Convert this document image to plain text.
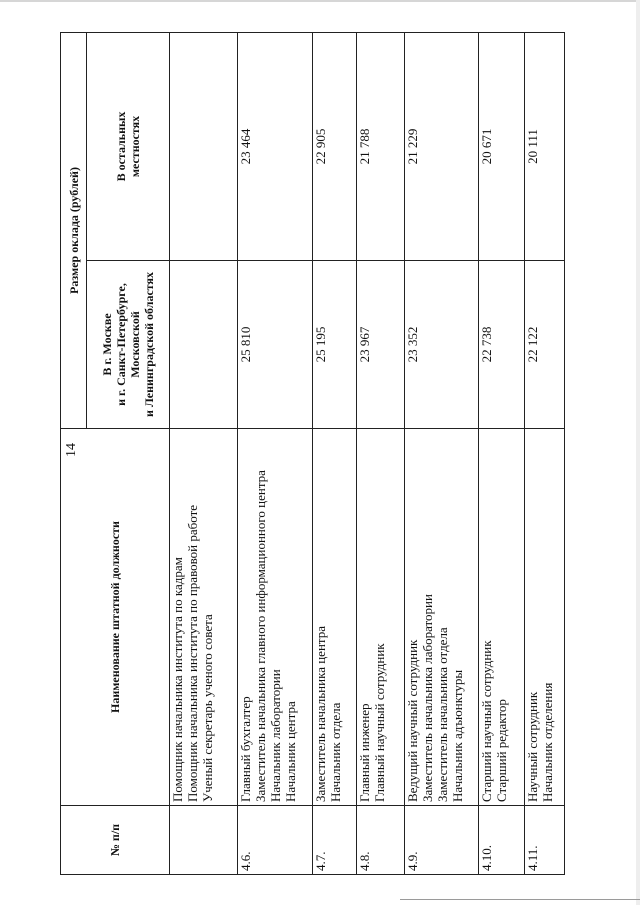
14
№ п/п	Наименование штатной должности	Размер оклада (рублей)	

		В г. Москве и г. Санкт-Петербурге, Московской и Ленинградской областях	В остальных местностях

	Помощник начальника института по кадрам Помощник начальника института по правовой работе Ученый секретарь ученого совета		

4.6.	Главный бухгалтер Заместитель начальника главного информационного центра Начальник лаборатории Начальник центра	25 810	23 464
4.7.	Заместитель начальника центра Начальник отдела	25 195	22 905
4.8.	Главный инженер Главный научный сотрудник	23 967	21 788
4.9.	Ведущий научный сотрудник Заместитель начальника лаборатории Заместитель начальника отдела Начальник адъюнктуры	23 352	21 229
4.10.	Старший научный сотрудник Старший редактор	22 738	20 671
4.11.	Научный сотрудник Начальник отделения	22 122	20 111
